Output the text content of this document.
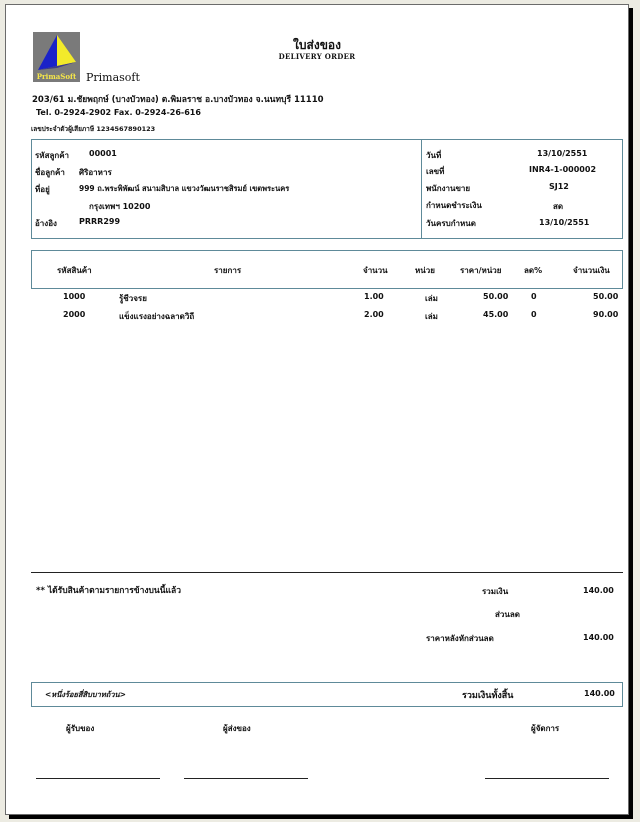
PrimaSoft Primasoft
ใบส่งของ
DELIVERY ORDER
203/61 ม.ชัยพฤกษ์ (บางบัวทอง) ต.พิมลราช อ.บางบัวทอง จ.นนทบุรี 11110
Tel. 0-2924-2902 Fax. 0-2924-26-616
เลขประจำตัวผู้เสียภาษี 1234567890123
รหัสลูกค้า 00001
ชื่อลูกค้า ศิริอาหาร
ที่อยู่	999 ถ.พระพิพัฒน์ สนามสิบาล แขวงวัฒนราชสิรมย์ เขตพระนคร
กรุงเทพฯ 10200
อ้างอิง	PRRR299
วันที่	13/10/2551
เลขที่	INR4-1-000002
พนักงานขาย	SJ12
กำหนดชำระเงิน	สด
วันครบกำหนด	13/10/2551
รหัสสินค้า	รายการ	จำนวน	หน่วย	ราคา/หน่วย	ลด%	จำนวนเงิน
1000	รู้ชีวจรย	1.00	เล่ม	50.00	0	50.00
2000	แข็งแรงอย่างฉลาดวิถี	2.00	เล่ม	45.00	0	90.00
** ได้รับสินค้าตามรายการข้างบนนี้แล้ว	รวมเงิน	140.00
ส่วนลด
ราคาหลังหักส่วนลด	140.00
<หนึ่งร้อยสี่สิบบาทถ้วน>	รวมเงินทั้งสิ้น	140.00
ผู้รับของ	ผู้ส่งของ	ผู้จัดการ
